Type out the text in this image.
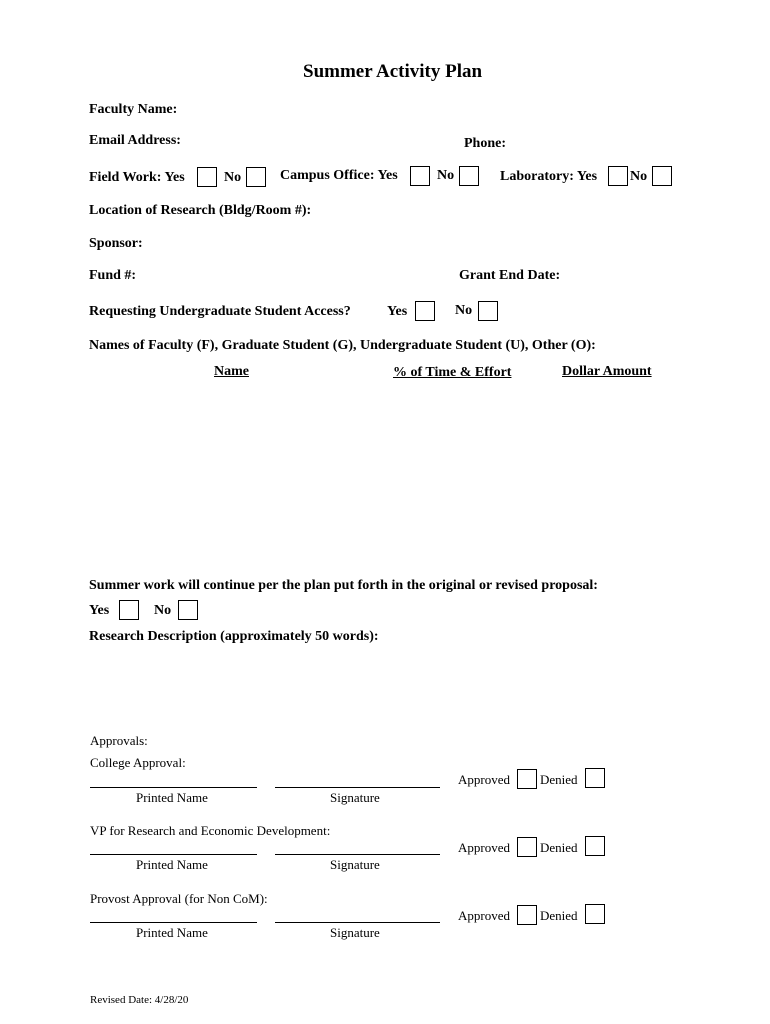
Summer Activity Plan
Faculty Name:
Email Address:	Phone:
Field Work: Yes	No	Campus Office: Yes	No	Laboratory: Yes No
Location of Research (Bldg/Room #):
Sponsor:
Fund #:	Grant End Date:
Requesting Undergraduate Student Access?	Yes	No
Names of Faculty (F), Graduate Student (G), Undergraduate Student (U), Other (O):
Name	% of Time & Effort	Dollar Amount
Summer work will continue per the plan put forth in the original or revised proposal:
Yes	No
Research Description (approximately 50 words):
Approvals:
College Approval:
Printed Name	Signature
Approved Denied
VP for Research and Economic Development:
Printed Name	Signature
Approved Denied
Provost Approval (for Non CoM):
Printed Name	Signature
Approved Denied
Revised Date: 4/28/20
